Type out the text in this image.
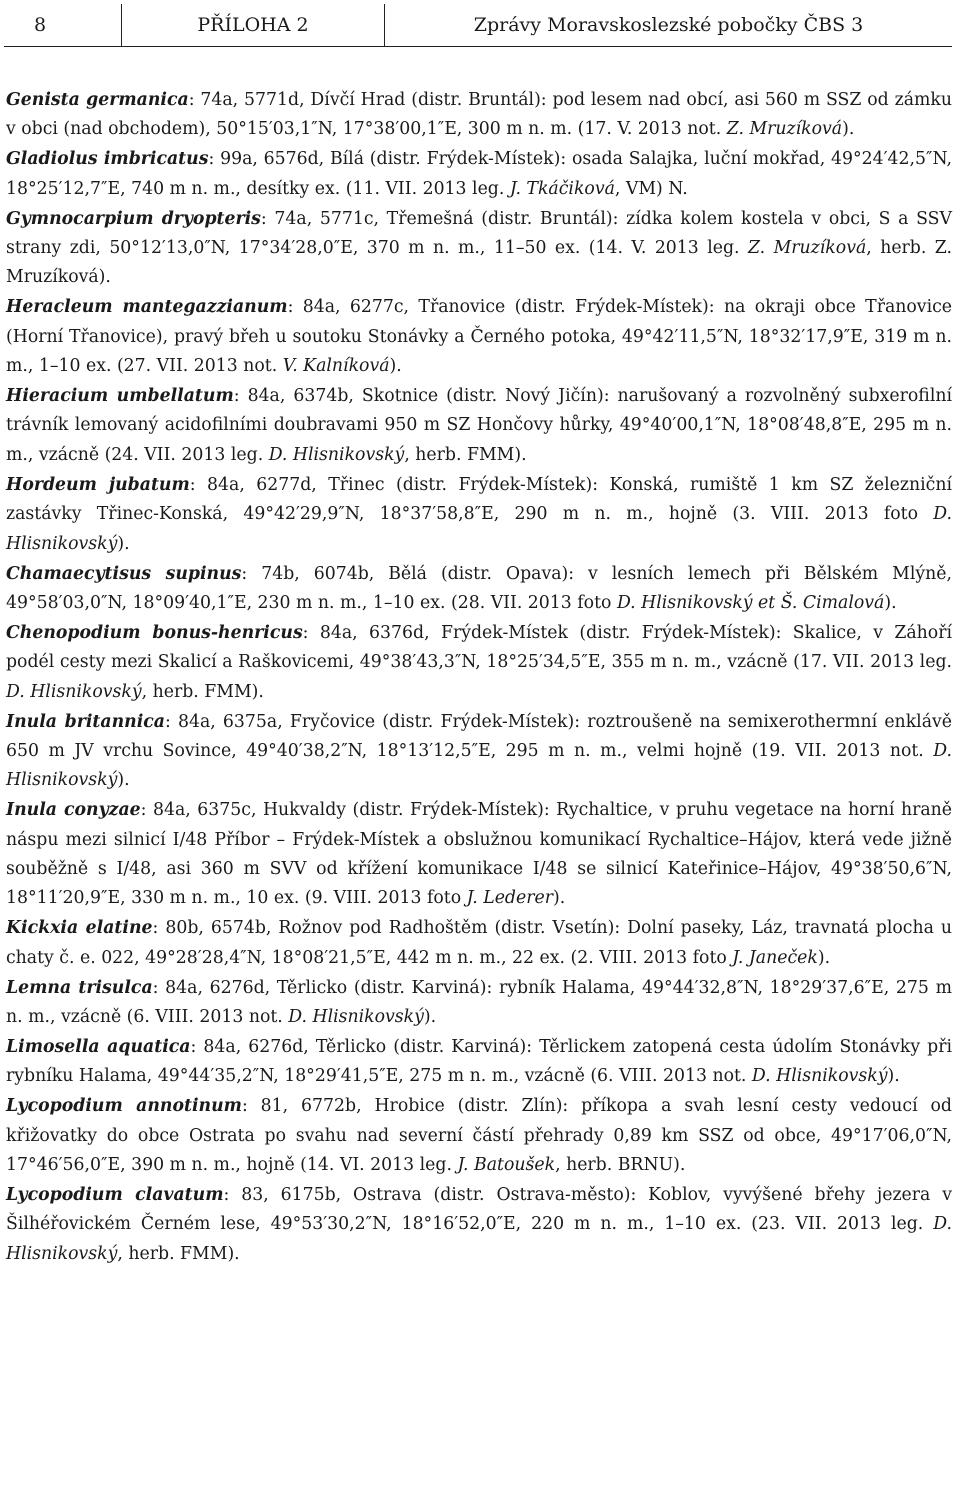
8	PŘÍLOHA 2	Zprávy Moravskoslezské pobočky ČBS 3

Genista germanica: 74a, 5771d, Dívčí Hrad (distr. Bruntál): pod lesem nad obcí, asi 560 m SSZ od zámku v obci (nad obchodem), 50°15′03,1″N, 17°38′00,1″E, 300 m n. m. (17. V. 2013 not. Z. Mruzíková).

Gladiolus imbricatus: 99a, 6576d, Bílá (distr. Frýdek-Místek): osada Salajka, luční mokřad, 49°24′42,5″N, 18°25′12,7″E, 740 m n. m., desítky ex. (11. VII. 2013 leg. J. Tkáčiková, VM) N.

Gymnocarpium dryopteris: 74a, 5771c, Třemešná (distr. Bruntál): zídka kolem kostela v obci, S a SSV strany zdi, 50°12′13,0″N, 17°34′28,0″E, 370 m n. m., 11–50 ex. (14. V. 2013 leg. Z. Mruzíková, herb. Z. Mruzíková).

Heracleum mantegazzianum: 84a, 6277c, Třanovice (distr. Frýdek-Místek): na okraji obce Třanovice (Horní Třanovice), pravý břeh u soutoku Stonávky a Černého potoka, 49°42′11,5″N, 18°32′17,9″E, 319 m n. m., 1–10 ex. (27. VII. 2013 not. V. Kalníková).

Hieracium umbellatum: 84a, 6374b, Skotnice (distr. Nový Jičín): narušovaný a rozvolněný subxerofilní trávník lemovaný acidofilními doubravami 950 m SZ Hončovy hůrky, 49°40′00,1″N, 18°08′48,8″E, 295 m n. m., vzácně (24. VII. 2013 leg. D. Hlisnikovský, herb. FMM).

Hordeum jubatum: 84a, 6277d, Třinec (distr. Frýdek-Místek): Konská, rumiště 1 km SZ železniční zastávky Třinec-Konská, 49°42′29,9″N, 18°37′58,8″E, 290 m n. m., hojně (3. VIII. 2013 foto D. Hlisnikovský).

Chamaecytisus supinus: 74b, 6074b, Bělá (distr. Opava): v lesních lemech při Bělském Mlýně, 49°58′03,0″N, 18°09′40,1″E, 230 m n. m., 1–10 ex. (28. VII. 2013 foto D. Hlisnikovský et Š. Cimalová).

Chenopodium bonus-henricus: 84a, 6376d, Frýdek-Místek (distr. Frýdek-Místek): Skalice, v Záhoří podél cesty mezi Skalicí a Raškovicemi, 49°38′43,3″N, 18°25′34,5″E, 355 m n. m., vzácně (17. VII. 2013 leg. D. Hlisnikovský, herb. FMM).

Inula britannica: 84a, 6375a, Fryčovice (distr. Frýdek-Místek): roztroušeně na semixerothermní enklávě 650 m JV vrchu Sovince, 49°40′38,2″N, 18°13′12,5″E, 295 m n. m., velmi hojně (19. VII. 2013 not. D. Hlisnikovský).

Inula conyzae: 84a, 6375c, Hukvaldy (distr. Frýdek-Místek): Rychaltice, v pruhu vegetace na horní hraně náspu mezi silnicí I/48 Příbor – Frýdek-Místek a obslužnou komunikací Rychaltice–Hájov, která vede jižně souběžně s I/48, asi 360 m SVV od křížení komunikace I/48 se silnicí Kateřinice–Hájov, 49°38′50,6″N, 18°11′20,9″E, 330 m n. m., 10 ex. (9. VIII. 2013 foto J. Lederer).

Kickxia elatine: 80b, 6574b, Rožnov pod Radhoštěm (distr. Vsetín): Dolní paseky, Láz, travnatá plocha u chaty č. e. 022, 49°28′28,4″N, 18°08′21,5″E, 442 m n. m., 22 ex. (2. VIII. 2013 foto J. Janeček).

Lemna trisulca: 84a, 6276d, Těrlicko (distr. Karviná): rybník Halama, 49°44′32,8″N, 18°29′37,6″E, 275 m n. m., vzácně (6. VIII. 2013 not. D. Hlisnikovský).

Limosella aquatica: 84a, 6276d, Těrlicko (distr. Karviná): Těrlickem zatopená cesta údolím Stonávky při rybníku Halama, 49°44′35,2″N, 18°29′41,5″E, 275 m n. m., vzácně (6. VIII. 2013 not. D. Hlisnikovský).

Lycopodium annotinum: 81, 6772b, Hrobice (distr. Zlín): příkopa a svah lesní cesty vedoucí od křižovatky do obce Ostrata po svahu nad severní částí přehrady 0,89 km SSZ od obce, 49°17′06,0″N, 17°46′56,0″E, 390 m n. m., hojně (14. VI. 2013 leg. J. Batoušek, herb. BRNU).

Lycopodium clavatum: 83, 6175b, Ostrava (distr. Ostrava-město): Koblov, vyvýšené břehy jezera v Šilhéřovickém Černém lese, 49°53′30,2″N, 18°16′52,0″E, 220 m n. m., 1–10 ex. (23. VII. 2013 leg. D. Hlisnikovský, herb. FMM).
